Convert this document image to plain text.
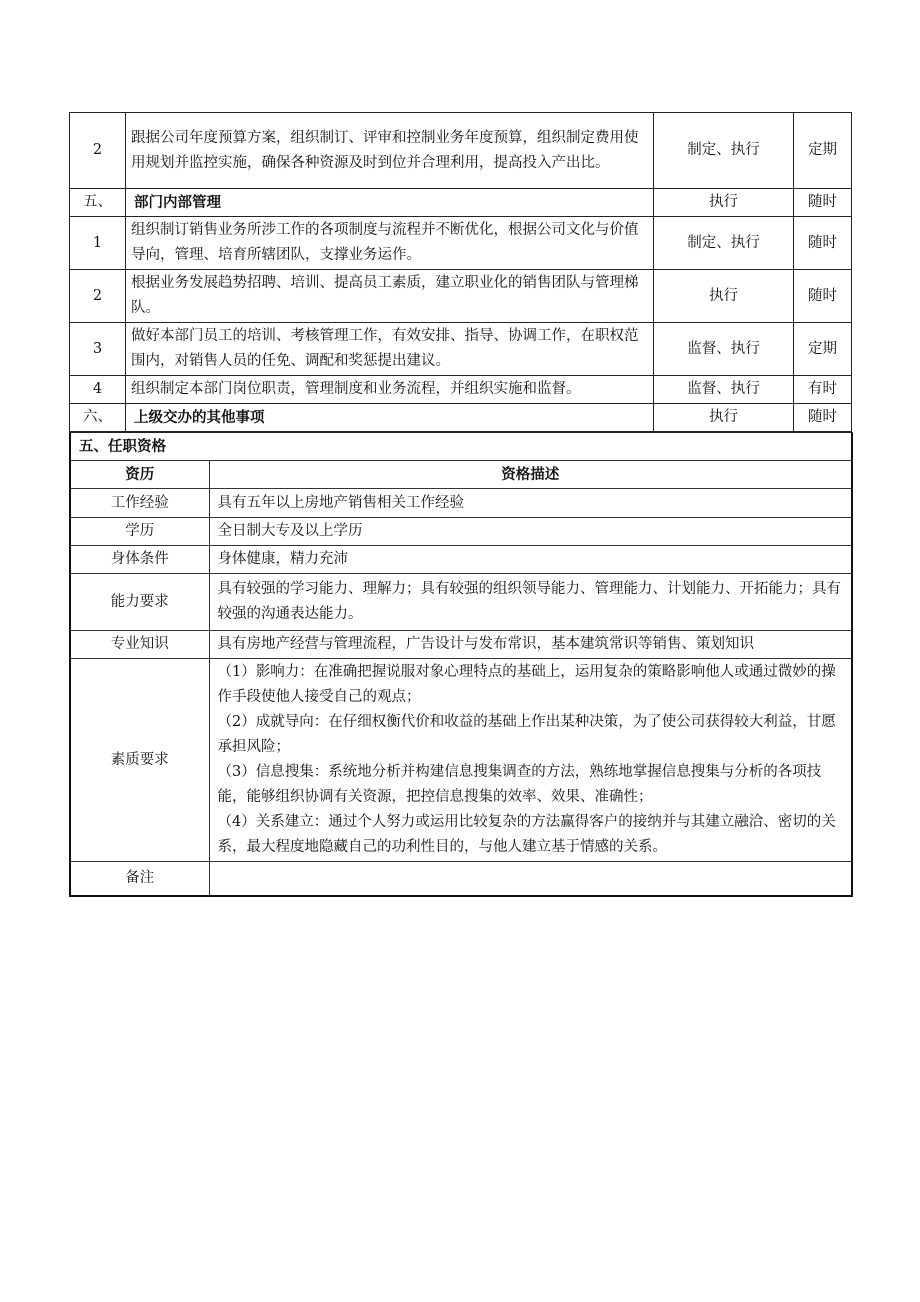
2	跟据公司年度预算方案，组织制订、评审和控制业务年度预算，组织制定费用使用规划并监控实施，确保各种资源及时到位并合理利用，提高投入产出比。	制定、执行	定期
五、	部门内部管理	执行	随时
1	组织制订销售业务所涉工作的各项制度与流程并不断优化，根据公司文化与价值导向，管理、培育所辖团队，支撑业务运作。	制定、执行	随时
2	根据业务发展趋势招聘、培训、提高员工素质，建立职业化的销售团队与管理梯队。	执行	随时
3	做好本部门员工的培训、考核管理工作，有效安排、指导、协调工作，在职权范围内，对销售人员的任免、调配和奖惩提出建议。	监督、执行	定期
4	组织制定本部门岗位职责，管理制度和业务流程，并组织实施和监督。	监督、执行	有时
六、	上级交办的其他事项	执行	随时
五、任职资格	
资历	资格描述
工作经验	具有五年以上房地产销售相关工作经验
学历	全日制大专及以上学历
身体条件	身体健康，精力充沛
能力要求	具有较强的学习能力、理解力；具有较强的组织领导能力、管理能力、计划能力、开拓能力；具有较强的沟通表达能力。
专业知识	具有房地产经营与管理流程，广告设计与发布常识，基本建筑常识等销售、策划知识
素质要求	（1）影响力：在准确把握说服对象心理特点的基础上，运用复杂的策略影响他人或通过微妙的操作手段使他人接受自己的观点；
（2）成就导向：在仔细权衡代价和收益的基础上作出某种决策，为了使公司获得较大利益，甘愿承担风险；
（3）信息搜集：系统地分析并构建信息搜集调查的方法，熟练地掌握信息搜集与分析的各项技能，能够组织协调有关资源，把控信息搜集的效率、效果、准确性；
（4）关系建立：通过个人努力或运用比较复杂的方法赢得客户的接纳并与其建立融洽、密切的关系，最大程度地隐藏自己的功利性目的，与他人建立基于情感的关系。

备注	
